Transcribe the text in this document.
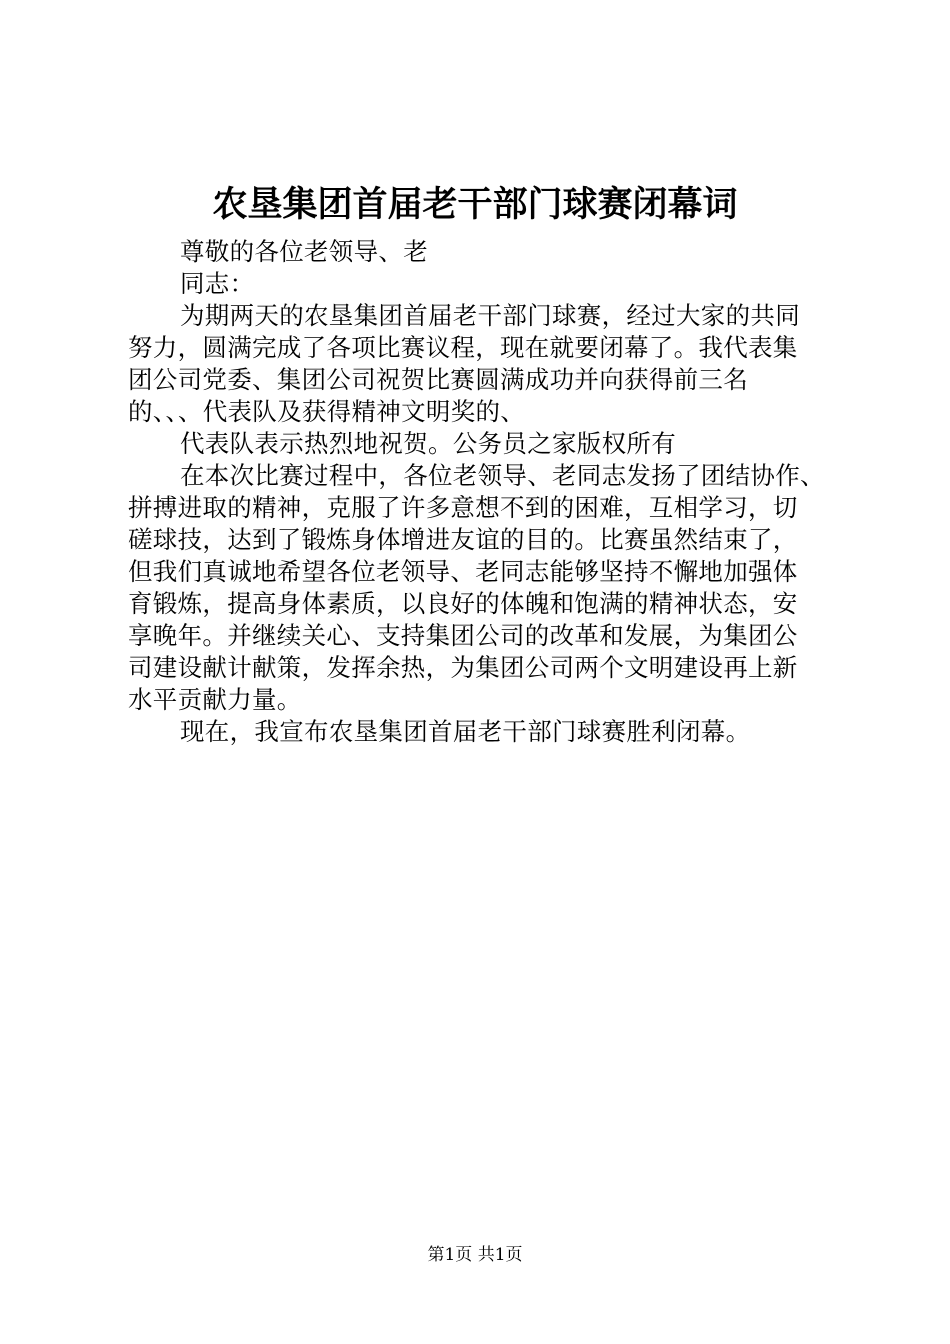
农垦集团首届老干部门球赛闭幕词
尊敬的各位老领导、老
同志：
为期两天的农垦集团首届老干部门球赛，经过大家的共同
努力，圆满完成了各项比赛议程，现在就要闭幕了。我代表集
团公司党委、集团公司祝贺比赛圆满成功并向获得前三名
的、、、代表队及获得精神文明奖的、
代表队表示热烈地祝贺。公务员之家版权所有
在本次比赛过程中，各位老领导、老同志发扬了团结协作、
拼搏进取的精神，克服了许多意想不到的困难，互相学习，切
磋球技，达到了锻炼身体增进友谊的目的。比赛虽然结束了，
但我们真诚地希望各位老领导、老同志能够坚持不懈地加强体
育锻炼，提高身体素质，以良好的体魄和饱满的精神状态，安
享晚年。并继续关心、支持集团公司的改革和发展，为集团公
司建设献计献策，发挥余热，为集团公司两个文明建设再上新
水平贡献力量。
现在，我宣布农垦集团首届老干部门球赛胜利闭幕。
第1页 共1页
